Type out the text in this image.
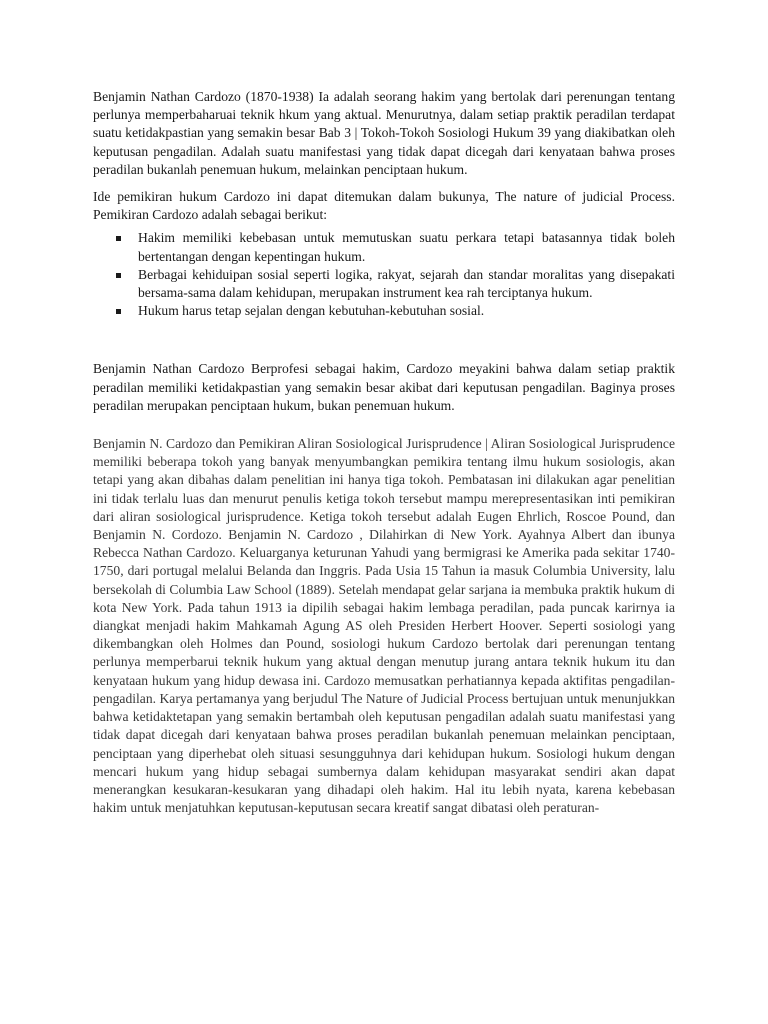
Benjamin Nathan Cardozo (1870-1938) Ia adalah seorang hakim yang bertolak dari perenungan tentang perlunya memperbaharuai teknik hkum yang aktual. Menurutnya, dalam setiap praktik peradilan terdapat suatu ketidakpastian yang semakin besar Bab 3 | Tokoh-Tokoh Sosiologi Hukum 39 yang diakibatkan oleh keputusan pengadilan. Adalah suatu manifestasi yang tidak dapat dicegah dari kenyataan bahwa proses peradilan bukanlah penemuan hukum, melainkan penciptaan hukum.

Ide pemikiran hukum Cardozo ini dapat ditemukan dalam bukunya, The nature of judicial Process. Pemikiran Cardozo adalah sebagai berikut:

Hakim memiliki kebebasan untuk memutuskan suatu perkara tetapi batasannya tidak boleh bertentangan dengan kepentingan hukum.
Berbagai kehiduipan sosial seperti logika, rakyat, sejarah dan standar moralitas yang disepakati bersama-sama dalam kehidupan, merupakan instrument kea rah terciptanya hukum.
Hukum harus tetap sejalan dengan kebutuhan-kebutuhan sosial.

Benjamin Nathan Cardozo Berprofesi sebagai hakim, Cardozo meyakini bahwa dalam setiap praktik peradilan memiliki ketidakpastian yang semakin besar akibat dari keputusan pengadilan. Baginya proses peradilan merupakan penciptaan hukum, bukan penemuan hukum.

Benjamin N. Cardozo dan Pemikiran Aliran Sosiological Jurisprudence | Aliran Sosiological Jurisprudence memiliki beberapa tokoh yang banyak menyumbangkan pemikira tentang ilmu hukum sosiologis, akan tetapi yang akan dibahas dalam penelitian ini hanya tiga tokoh. Pembatasan ini dilakukan agar penelitian ini tidak terlalu luas dan menurut penulis ketiga tokoh tersebut mampu merepresentasikan inti pemikiran dari aliran sosiological jurisprudence. Ketiga tokoh tersebut adalah Eugen Ehrlich, Roscoe Pound, dan Benjamin N. Cordozo. Benjamin N. Cardozo , Dilahirkan di New York. Ayahnya Albert dan ibunya Rebecca Nathan Cardozo. Keluarganya keturunan Yahudi yang bermigrasi ke Amerika pada sekitar 1740-1750, dari portugal melalui Belanda dan Inggris. Pada Usia 15 Tahun ia masuk Columbia University, lalu bersekolah di Columbia Law School (1889). Setelah mendapat gelar sarjana ia membuka praktik hukum di kota New York. Pada tahun 1913 ia dipilih sebagai hakim lembaga peradilan, pada puncak karirnya ia diangkat menjadi hakim Mahkamah Agung AS oleh Presiden Herbert Hoover. Seperti sosiologi yang dikembangkan oleh Holmes dan Pound, sosiologi hukum Cardozo bertolak dari perenungan tentang perlunya memperbarui teknik hukum yang aktual dengan menutup jurang antara teknik hukum itu dan kenyataan hukum yang hidup dewasa ini. Cardozo memusatkan perhatiannya kepada aktifitas pengadilan-pengadilan. Karya pertamanya yang berjudul The Nature of Judicial Process bertujuan untuk menunjukkan bahwa ketidaktetapan yang semakin bertambah oleh keputusan pengadilan adalah suatu manifestasi yang tidak dapat dicegah dari kenyataan bahwa proses peradilan bukanlah penemuan melainkan penciptaan, penciptaan yang diperhebat oleh situasi sesungguhnya dari kehidupan hukum. Sosiologi hukum dengan mencari hukum yang hidup sebagai sumbernya dalam kehidupan masyarakat sendiri akan dapat menerangkan kesukaran-kesukaran yang dihadapi oleh hakim. Hal itu lebih nyata, karena kebebasan hakim untuk menjatuhkan keputusan-keputusan secara kreatif sangat dibatasi oleh peraturan-
